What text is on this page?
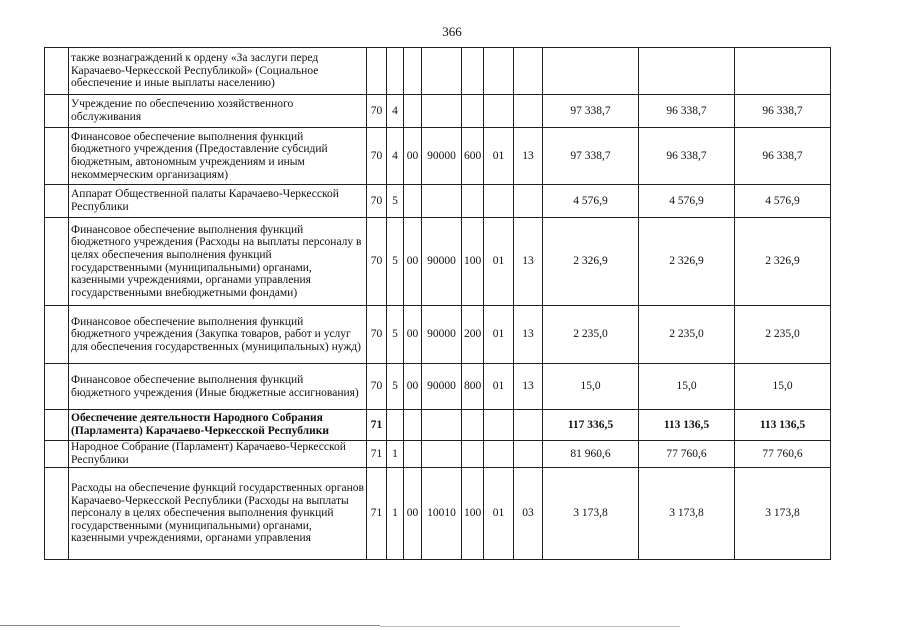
366
	также вознаграждений к ордену «За заслуги перед Карачаево-Черкесской Республикой» (Социальное обеспечение и иные выплаты населению)										
	Учреждение по обеспечению хозяйственного обслуживания	70	4						97 338,7	96 338,7	96 338,7
	Финансовое обеспечение выполнения функций бюджетного учреждения (Предоставление субсидий бюджетным, автономным учреждениям и иным некоммерческим организациям)	70	4	00	90000	600	01	13	97 338,7	96 338,7	96 338,7
	Аппарат Общественной палаты Карачаево-Черкесской Республики	70	5						4 576,9	4 576,9	4 576,9
	Финансовое обеспечение выполнения функций бюджетного учреждения (Расходы на выплаты персоналу в целях обеспечения выполнения функций государственными (муниципальными) органами, казенными учреждениями, органами управления государственными внебюджетными фондами)	70	5	00	90000	100	01	13	2 326,9	2 326,9	2 326,9
	Финансовое обеспечение выполнения функций бюджетного учреждения (Закупка товаров, работ и услуг для обеспечения государственных (муниципальных) нужд)	70	5	00	90000	200	01	13	2 235,0	2 235,0	2 235,0
	Финансовое обеспечение выполнения функций бюджетного учреждения (Иные бюджетные ассигнования)	70	5	00	90000	800	01	13	15,0	15,0	15,0
	Обеспечение деятельности Народного Собрания (Парламента) Карачаево-Черкесской Республики	71							117 336,5	113 136,5	113 136,5
	Народное Собрание (Парламент) Карачаево-Черкесской Республики	71	1						81 960,6	77 760,6	77 760,6
	Расходы на обеспечение функций государственных органов Карачаево-Черкесской Республики (Расходы на выплаты персоналу в целях обеспечения выполнения функций государственными (муниципальными) органами, казенными учреждениями, органами управления	71	1	00	10010	100	01	03	3 173,8	3 173,8	3 173,8
